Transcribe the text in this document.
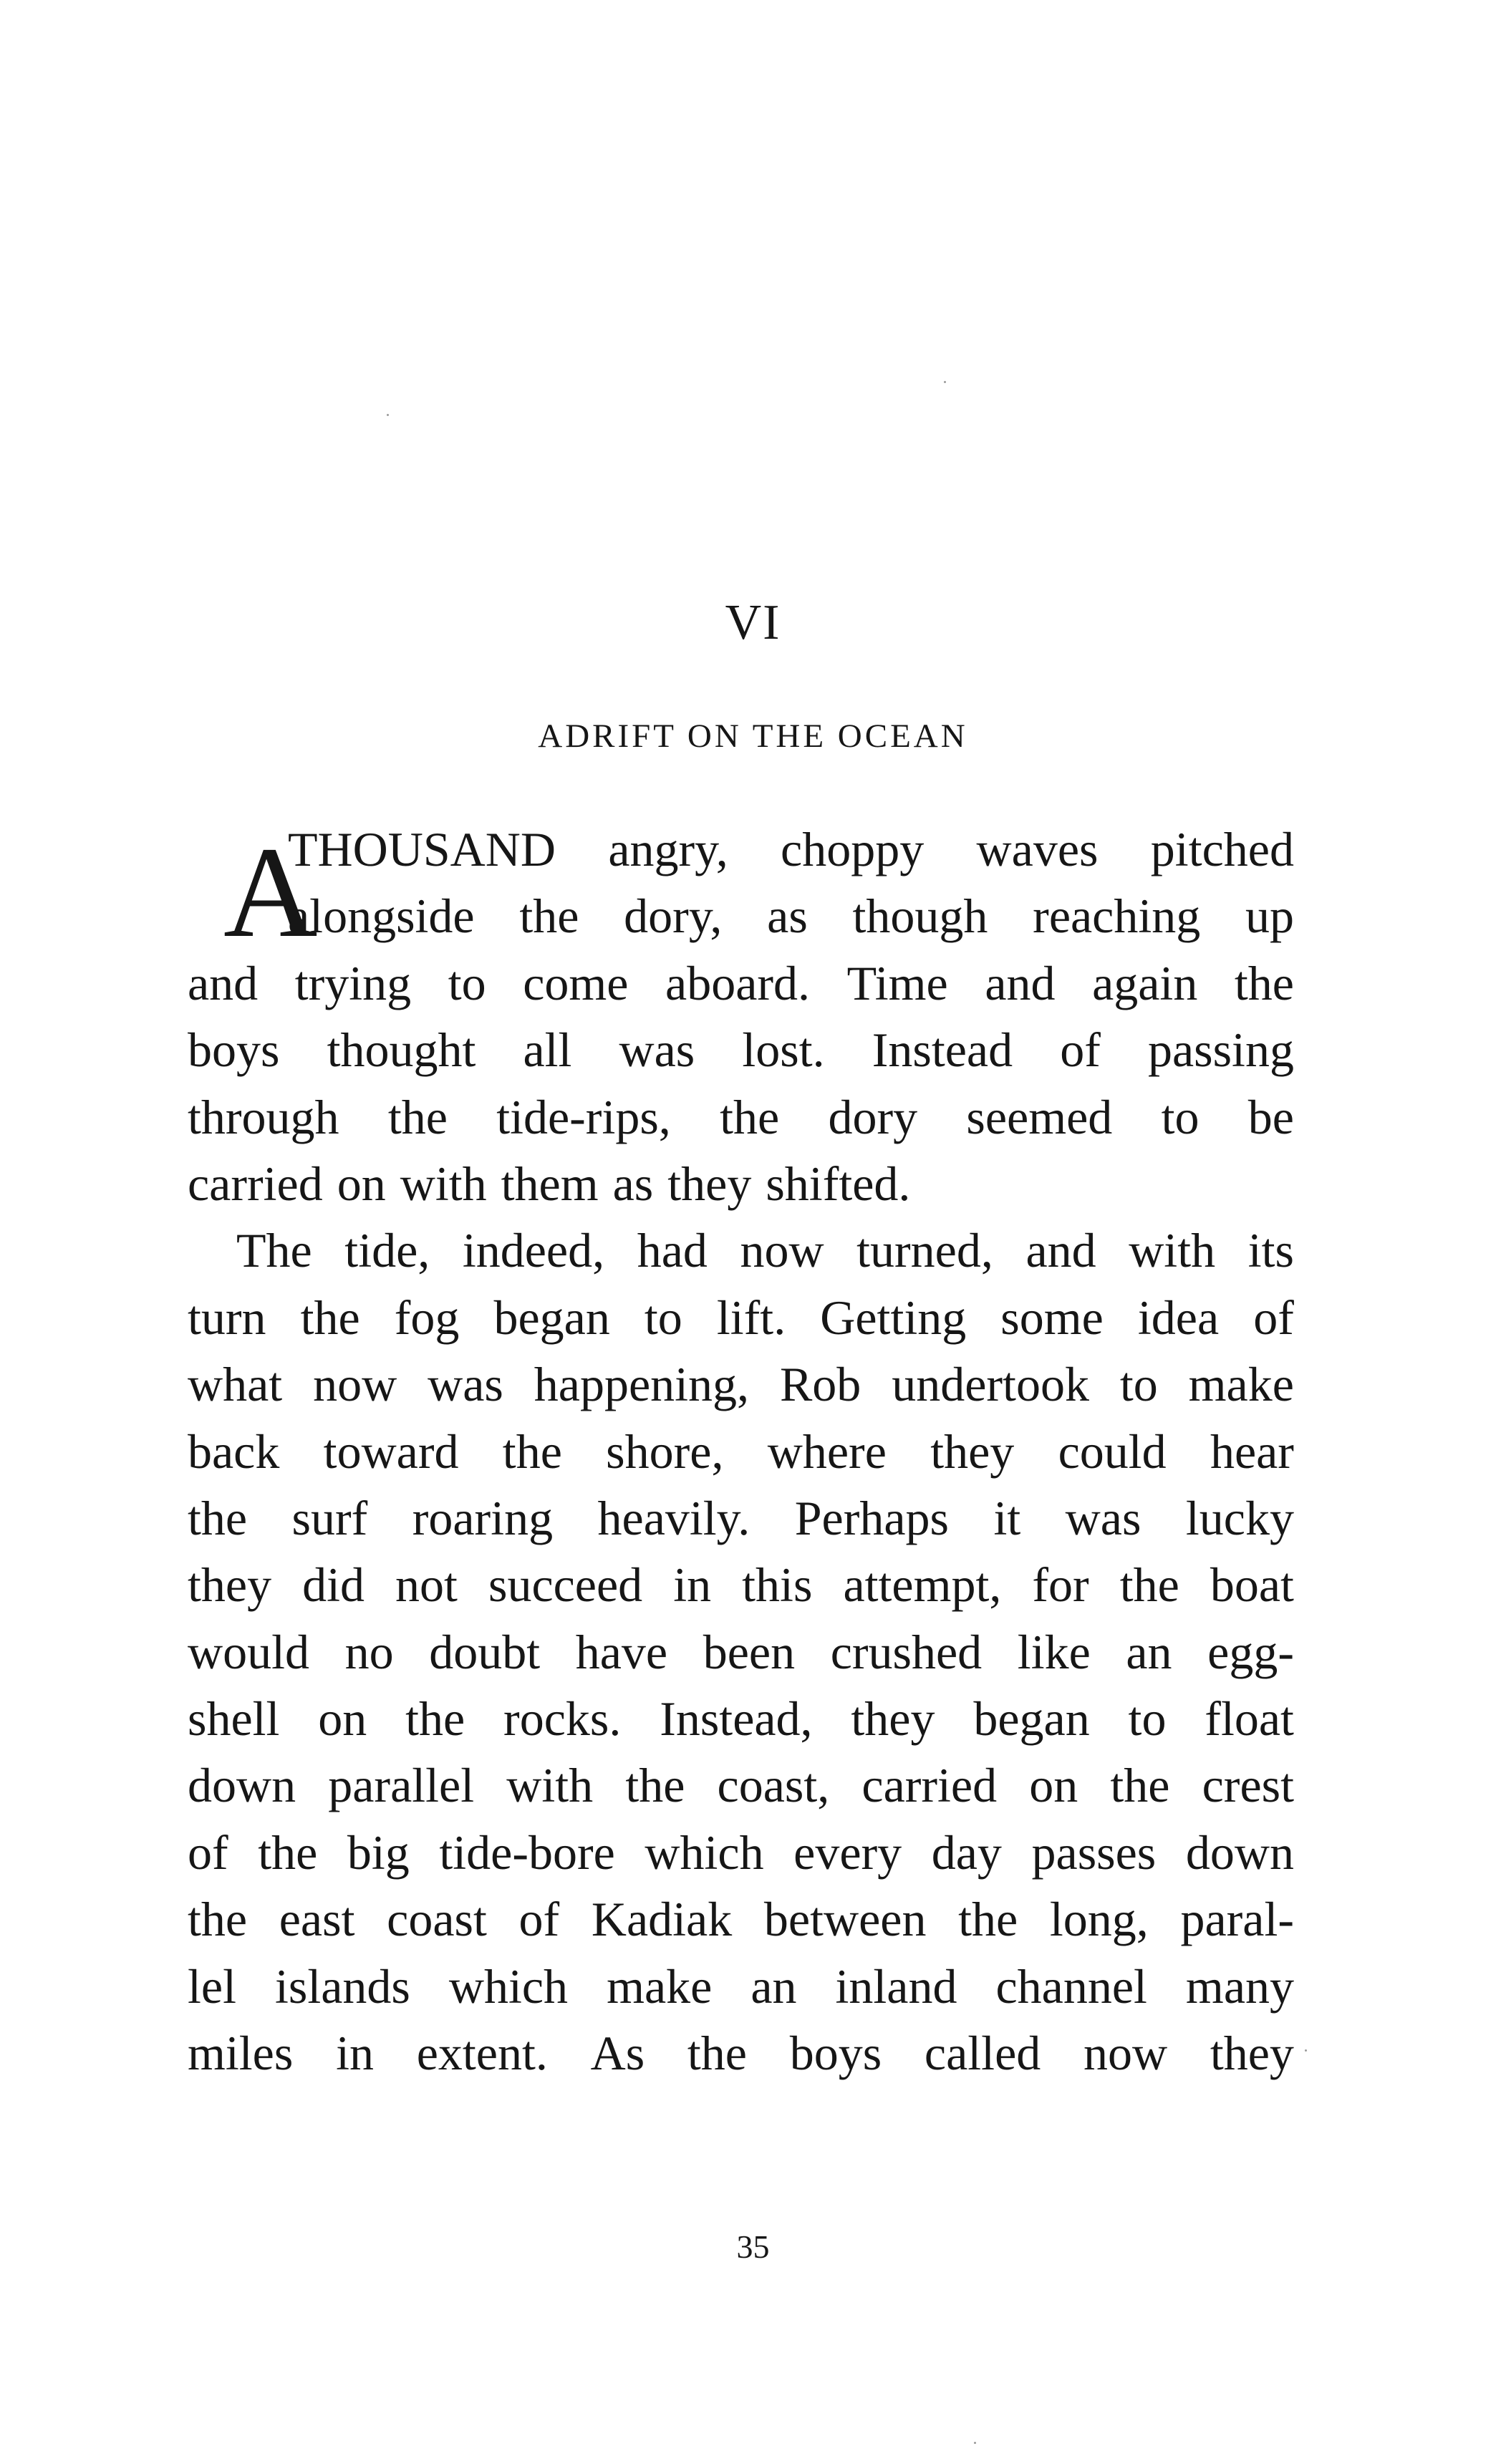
VI
ADRIFT ON THE OCEAN
A
THOUSAND angry, choppy waves pitched
alongside the dory, as though reaching up
and trying to come aboard. Time and again the
boys thought all was lost. Instead of passing
through the tide-rips, the dory seemed to be
carried on with them as they shifted.
The tide, indeed, had now turned, and with its
turn the fog began to lift. Getting some idea of
what now was happening, Rob undertook to make
back toward the shore, where they could hear
the surf roaring heavily. Perhaps it was lucky
they did not succeed in this attempt, for the boat
would no doubt have been crushed like an egg-
shell on the rocks. Instead, they began to float
down parallel with the coast, carried on the crest
of the big tide-bore which every day passes down
the east coast of Kadiak between the long, paral-
lel islands which make an inland channel many
miles in extent. As the boys called now they

35
